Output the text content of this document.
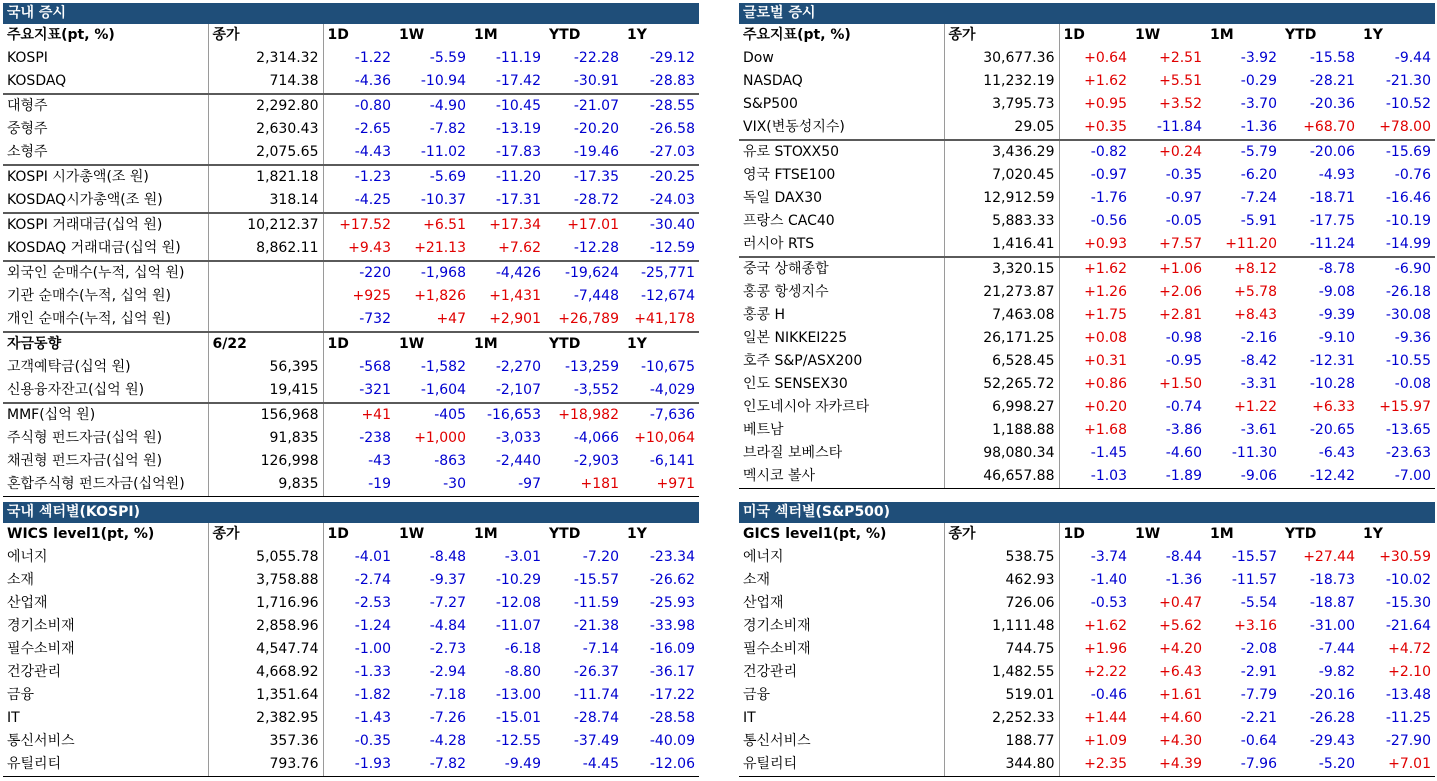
국내 증시
주요지표(pt, %)	종가	1D	1W	1M	YTD	1Y
KOSPI	2,314.32	-1.22	-5.59	-11.19	-22.28	-29.12
KOSDAQ	714.38	-4.36	-10.94	-17.42	-30.91	-28.83
대형주	2,292.80	-0.80	-4.90	-10.45	-21.07	-28.55
중형주	2,630.43	-2.65	-7.82	-13.19	-20.20	-26.58
소형주	2,075.65	-4.43	-11.02	-17.83	-19.46	-27.03
KOSPI 시가총액(조 원)	1,821.18	-1.23	-5.69	-11.20	-17.35	-20.25
KOSDAQ시가총액(조 원)	318.14	-4.25	-10.37	-17.31	-28.72	-24.03
KOSPI 거래대금(십억 원)	10,212.37	+17.52	+6.51	+17.34	+17.01	-30.40
KOSDAQ 거래대금(십억 원)	8,862.11	+9.43	+21.13	+7.62	-12.28	-12.59
외국인 순매수(누적, 십억 원)		-220	-1,968	-4,426	-19,624	-25,771
기관 순매수(누적, 십억 원)		+925	+1,826	+1,431	-7,448	-12,674
개인 순매수(누적, 십억 원)		-732	+47	+2,901	+26,789	+41,178
자금동향	6/22	1D	1W	1M	YTD	1Y
고객예탁금(십억 원)	56,395	-568	-1,582	-2,270	-13,259	-10,675
신용융자잔고(십억 원)	19,415	-321	-1,604	-2,107	-3,552	-4,029
MMF(십억 원)	156,968	+41	-405	-16,653	+18,982	-7,636
주식형 펀드자금(십억 원)	91,835	-238	+1,000	-3,033	-4,066	+10,064
채권형 펀드자금(십억 원)	126,998	-43	-863	-2,440	-2,903	-6,141
혼합주식형 펀드자금(십억원)	9,835	-19	-30	-97	+181	+971
글로벌 증시
주요지표(pt, %)	종가	1D	1W	1M	YTD	1Y
Dow	30,677.36	+0.64	+2.51	-3.92	-15.58	-9.44
NASDAQ	11,232.19	+1.62	+5.51	-0.29	-28.21	-21.30
S&P500	3,795.73	+0.95	+3.52	-3.70	-20.36	-10.52
VIX(변동성지수)	29.05	+0.35	-11.84	-1.36	+68.70	+78.00
유로 STOXX50	3,436.29	-0.82	+0.24	-5.79	-20.06	-15.69
영국 FTSE100	7,020.45	-0.97	-0.35	-6.20	-4.93	-0.76
독일 DAX30	12,912.59	-1.76	-0.97	-7.24	-18.71	-16.46
프랑스 CAC40	5,883.33	-0.56	-0.05	-5.91	-17.75	-10.19
러시아 RTS	1,416.41	+0.93	+7.57	+11.20	-11.24	-14.99
중국 상해종합	3,320.15	+1.62	+1.06	+8.12	-8.78	-6.90
홍콩 항셍지수	21,273.87	+1.26	+2.06	+5.78	-9.08	-26.18
홍콩 H	7,463.08	+1.75	+2.81	+8.43	-9.39	-30.08
일본 NIKKEI225	26,171.25	+0.08	-0.98	-2.16	-9.10	-9.36
호주 S&P/ASX200	6,528.45	+0.31	-0.95	-8.42	-12.31	-10.55
인도 SENSEX30	52,265.72	+0.86	+1.50	-3.31	-10.28	-0.08
인도네시아 자카르타	6,998.27	+0.20	-0.74	+1.22	+6.33	+15.97
베트남	1,188.88	+1.68	-3.86	-3.61	-20.65	-13.65
브라질 보베스타	98,080.34	-1.45	-4.60	-11.30	-6.43	-23.63
멕시코 볼사	46,657.88	-1.03	-1.89	-9.06	-12.42	-7.00
국내 섹터별(KOSPI)
WICS level1(pt, %)	종가	1D	1W	1M	YTD	1Y
에너지	5,055.78	-4.01	-8.48	-3.01	-7.20	-23.34
소재	3,758.88	-2.74	-9.37	-10.29	-15.57	-26.62
산업재	1,716.96	-2.53	-7.27	-12.08	-11.59	-25.93
경기소비재	2,858.96	-1.24	-4.84	-11.07	-21.38	-33.98
필수소비재	4,547.74	-1.00	-2.73	-6.18	-7.14	-16.09
건강관리	4,668.92	-1.33	-2.94	-8.80	-26.37	-36.17
금융	1,351.64	-1.82	-7.18	-13.00	-11.74	-17.22
IT	2,382.95	-1.43	-7.26	-15.01	-28.74	-28.58
통신서비스	357.36	-0.35	-4.28	-12.55	-37.49	-40.09
유틸리티	793.76	-1.93	-7.82	-9.49	-4.45	-12.06
미국 섹터별(S&P500)
GICS level1(pt, %)	종가	1D	1W	1M	YTD	1Y
에너지	538.75	-3.74	-8.44	-15.57	+27.44	+30.59
소재	462.93	-1.40	-1.36	-11.57	-18.73	-10.02
산업재	726.06	-0.53	+0.47	-5.54	-18.87	-15.30
경기소비재	1,111.48	+1.62	+5.62	+3.16	-31.00	-21.64
필수소비재	744.75	+1.96	+4.20	-2.08	-7.44	+4.72
건강관리	1,482.55	+2.22	+6.43	-2.91	-9.82	+2.10
금융	519.01	-0.46	+1.61	-7.79	-20.16	-13.48
IT	2,252.33	+1.44	+4.60	-2.21	-26.28	-11.25
통신서비스	188.77	+1.09	+4.30	-0.64	-29.43	-27.90
유틸리티	344.80	+2.35	+4.39	-7.96	-5.20	+7.01
